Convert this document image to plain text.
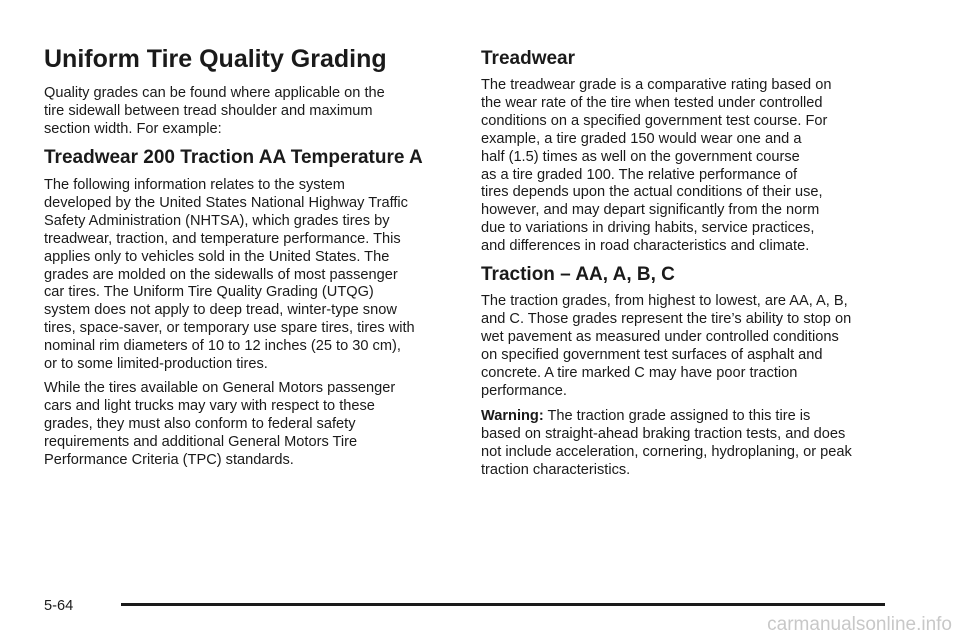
Uniform Tire Quality Grading

Quality grades can be found where applicable on the
tire sidewall between tread shoulder and maximum
section width. For example:

Treadwear 200 Traction AA Temperature A

The following information relates to the system
developed by the United States National Highway Traffic
Safety Administration (NHTSA), which grades tires by
treadwear, traction, and temperature performance. This
applies only to vehicles sold in the United States. The
grades are molded on the sidewalls of most passenger
car tires. The Uniform Tire Quality Grading (UTQG)
system does not apply to deep tread, winter-type snow
tires, space-saver, or temporary use spare tires, tires with
nominal rim diameters of 10 to 12 inches (25 to 30 cm),
or to some limited-production tires.

While the tires available on General Motors passenger
cars and light trucks may vary with respect to these
grades, they must also conform to federal safety
requirements and additional General Motors Tire
Performance Criteria (TPC) standards.

Treadwear

The treadwear grade is a comparative rating based on
the wear rate of the tire when tested under controlled
conditions on a specified government test course. For
example, a tire graded 150 would wear one and a
half (1.5) times as well on the government course
as a tire graded 100. The relative performance of
tires depends upon the actual conditions of their use,
however, and may depart significantly from the norm
due to variations in driving habits, service practices,
and differences in road characteristics and climate.

Traction – AA, A, B, C

The traction grades, from highest to lowest, are AA, A, B,
and C. Those grades represent the tire’s ability to stop on
wet pavement as measured under controlled conditions
on specified government test surfaces of asphalt and
concrete. A tire marked C may have poor traction
performance.

Warning: The traction grade assigned to this tire is
based on straight-ahead braking traction tests, and does
not include acceleration, cornering, hydroplaning, or peak
traction characteristics.

5-64
carmanualsonline.info
